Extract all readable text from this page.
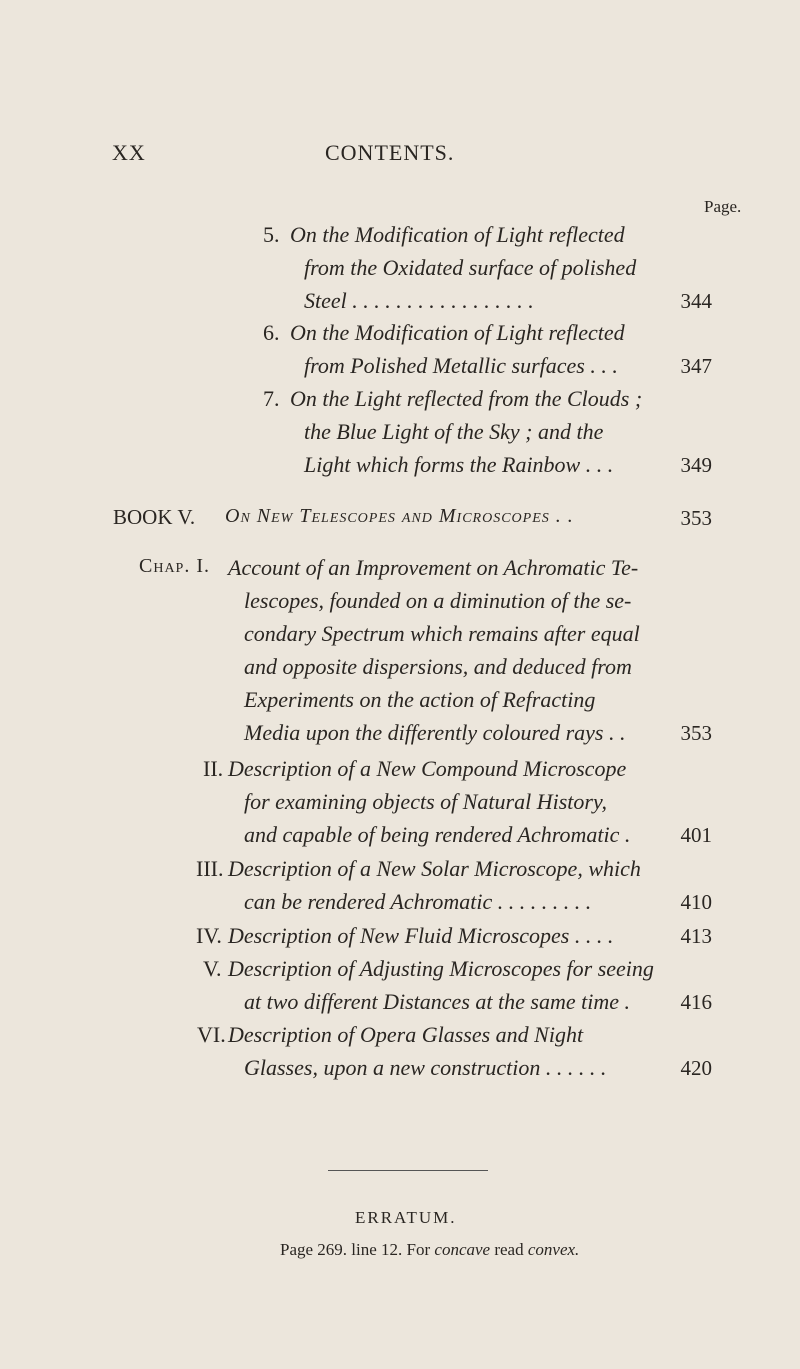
XX	CONTENTS.
Page.
5. On the Modification of Light reflected
from the Oxidated surface of polished
Steel . . . . . . . . . . . . . . . . .	344
6. On the Modification of Light reflected
from Polished Metallic surfaces . . .	347
7. On the Light reflected from the Clouds ;
the Blue Light of the Sky ; and the
Light which forms the Rainbow . . .	349
BOOK V. On New Telescopes and Microscopes . .	353
Chap. I. Account of an Improvement on Achromatic Te-
lescopes, founded on a diminution of the se-
condary Spectrum which remains after equal
and opposite dispersions, and deduced from
Experiments on the action of Refracting
Media upon the differently coloured rays . .	353
II. Description of a New Compound Microscope
for examining objects of Natural History,
and capable of being rendered Achromatic .	401
III. Description of a New Solar Microscope, which
can be rendered Achromatic . . . . . . . . .	410
IV. Description of New Fluid Microscopes . . . .	413
V. Description of Adjusting Microscopes for seeing
at two different Distances at the same time .	416
VI. Description of Opera Glasses and Night
Glasses, upon a new construction . . . . . .	420
ERRATUM.
Page 269. line 12. For concave read convex.
